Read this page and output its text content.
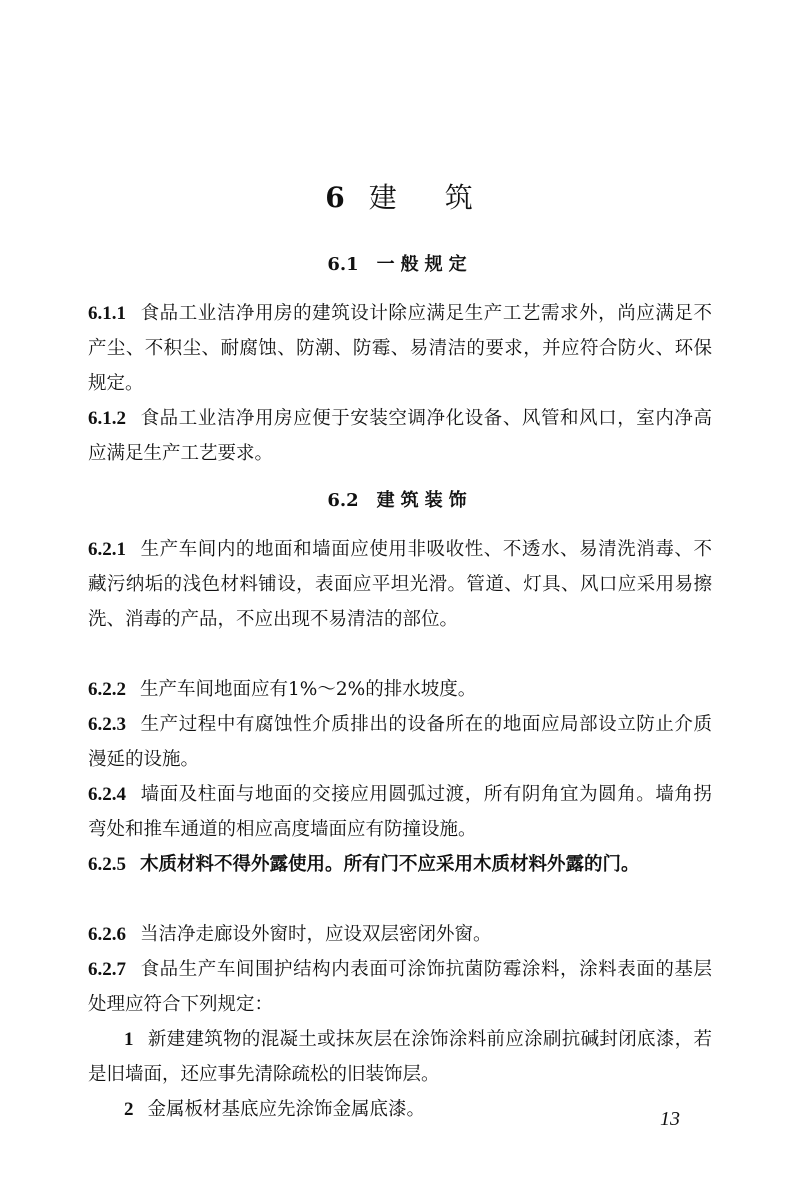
6 建 筑
6.1 一般规定
6.1.1 食品工业洁净用房的建筑设计除应满足生产工艺需求外，尚应满足不产尘、不积尘、耐腐蚀、防潮、防霉、易清洁的要求，并应符合防火、环保规定。
6.1.2 食品工业洁净用房应便于安装空调净化设备、风管和风口，室内净高应满足生产工艺要求。
6.2 建筑装饰
6.2.1 生产车间内的地面和墙面应使用非吸收性、不透水、易清洗消毒、不藏污纳垢的浅色材料铺设，表面应平坦光滑。管道、灯具、风口应采用易擦洗、消毒的产品，不应出现不易清洁的部位。
6.2.2 生产车间地面应有1%～2%的排水坡度。
6.2.3 生产过程中有腐蚀性介质排出的设备所在的地面应局部设立防止介质漫延的设施。
6.2.4 墙面及柱面与地面的交接应用圆弧过渡，所有阴角宜为圆角。墙角拐弯处和推车通道的相应高度墙面应有防撞设施。
6.2.5 木质材料不得外露使用。所有门不应采用木质材料外露的门。
6.2.6 当洁净走廊设外窗时，应设双层密闭外窗。
6.2.7 食品生产车间围护结构内表面可涂饰抗菌防霉涂料，涂料表面的基层处理应符合下列规定：
1 新建建筑物的混凝土或抹灰层在涂饰涂料前应涂刷抗碱封闭底漆，若是旧墙面，还应事先清除疏松的旧装饰层。
2 金属板材基底应先涂饰金属底漆。	13
